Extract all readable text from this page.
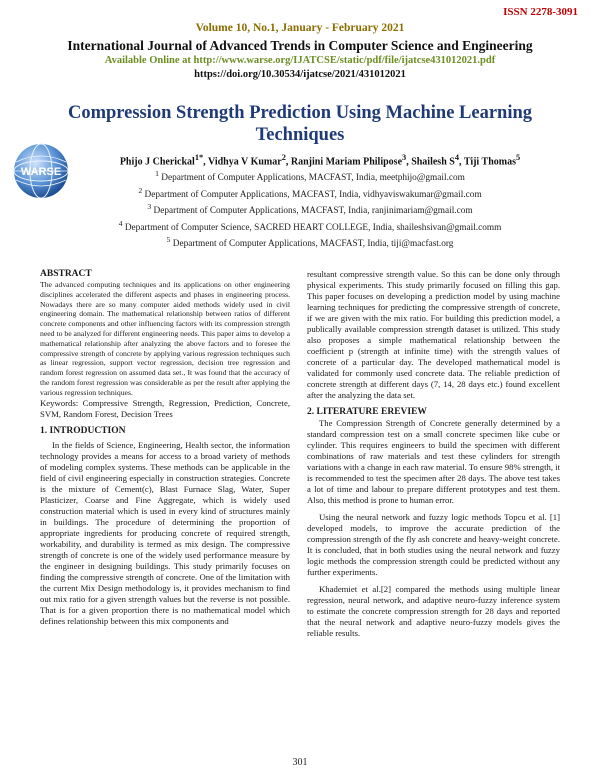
ISSN 2278-3091
Volume 10, No.1, January - February 2021
International Journal of Advanced Trends in Computer Science and Engineering
Available Online at http://www.warse.org/IJATCSE/static/pdf/file/ijatcse431012021.pdf
https://doi.org/10.30534/ijatcse/2021/431012021
Compression Strength Prediction Using Machine Learning
Techniques
WARSE
Phijo J Cherickal$^{1*}$, Vidhya V Kumar$^2$, Ranjini Mariam Philipose$^3$, Shailesh $S^4$, Tiji Thomas$^5$
$^1$ Department of Computer Applications, MACFAST, India, meetphijo@gmail.com
$^2$ Department of Computer Applications, MACFAST, India, vidhyaviswakumar@gmail.com
$^3$ Department of Computer Applications, MACFAST, India, ranjinimariam@gmail.com
$^4$ Department of Computer Science, SACRED HEART COLLEGE, India, shaileshsivan@gmail.comm
$^5$ Department of Computer Applications, MACFAST, India, tiji@macfast.org

ABSTRACT

The advanced computing techniques and its applications on other engineering disciplines accelerated the different aspects and phases in engineering process. Nowadays there are so many computer aided methods widely used in civil engineering domain. The mathematical relationship between ratios of different concrete components and other influencing factors with its compression strength need to be analyzed for different engineering needs. This paper aims to develop a mathematical relationship after analyzing the above factors and to foresee the compressive strength of concrete by applying various regression techniques such as linear regression, support vector regression, decision tree regression and random forest regression on assumed data set., It was found that the accuracy of the random forest regression was considerable as per the result after applying the various regression techniques.

Keywords: Compressive Strength, Regression, Prediction, Concrete, SVM, Random Forest, Decision Trees

1. INTRODUCTION

In the fields of Science, Engineering, Health sector, the information technology provides a means for access to a broad variety of methods of modeling complex systems. These methods can be applicable in the field of civil engineering especially in construction strategies. Concrete is the mixture of Cement(c), Blast Furnace Slag, Water, Super Plasticizer, Coarse and Fine Aggregate, which is widely used construction material which is used in every kind of structures mainly in buildings. The procedure of determining the proportion of appropriate ingredients for producing concrete of required strength, workability, and durability is termed as mix design. The compressive strength of concrete is one of the widely used performance measure by the engineer in designing buildings. This study primarily focuses on finding the compressive strength of concrete. One of the limitation with the current Mix Design methodology is, it provides mechanism to find out mix ratio for a given strength values but the reverse is not possible. That is for a given proportion there is no mathematical model which defines relationship between this mix components and

resultant compressive strength value. So this can be done only through physical experiments. This study primarily focused on filling this gap. This paper focuses on developing a prediction model by using machine learning techniques for predicting the compressive strength of concrete, if we are given with the mix ratio. For building this prediction model, a publically available compression strength dataset is utilized. This study also proposes a simple mathematical relationship between the coefficient p (strength at infinite time) with the strength values of concrete of a particular day. The developed mathematical model is validated for commonly used concrete data. The reliable prediction of concrete strength at different days (7, 14, 28 days etc.) found excellent after the analyzing the data set.

2. LITERATURE EREVIEW

The Compression Strength of Concrete generally determined by a standard compression test on a small concrete specimen like cube or cylinder. This requires engineers to build the specimen with different combinations of raw materials and test these cylinders for strength variations with a change in each raw material. To ensure 98% strength, it is recommended to test the specimen after 28 days. The above test takes a lot of time and labour to prepare different prototypes and test them. Also, this method is prone to human error.

Using the neural network and fuzzy logic methods Topcu et al. [1] developed models, to improve the accurate prediction of the compression strength of the fly ash concrete and heavy-weight concrete. It is concluded, that in both studies using the neural network and fuzzy logic methods the compression strength could be predicted without any further experiments.

Khademiet et al.[2] compared the methods using multiple linear regression, neural network, and adaptive neuro-fuzzy inference system to estimate the concrete compression strength for 28 days and reported that the neural network and adaptive neuro-fuzzy models gives the reliable results.

301
